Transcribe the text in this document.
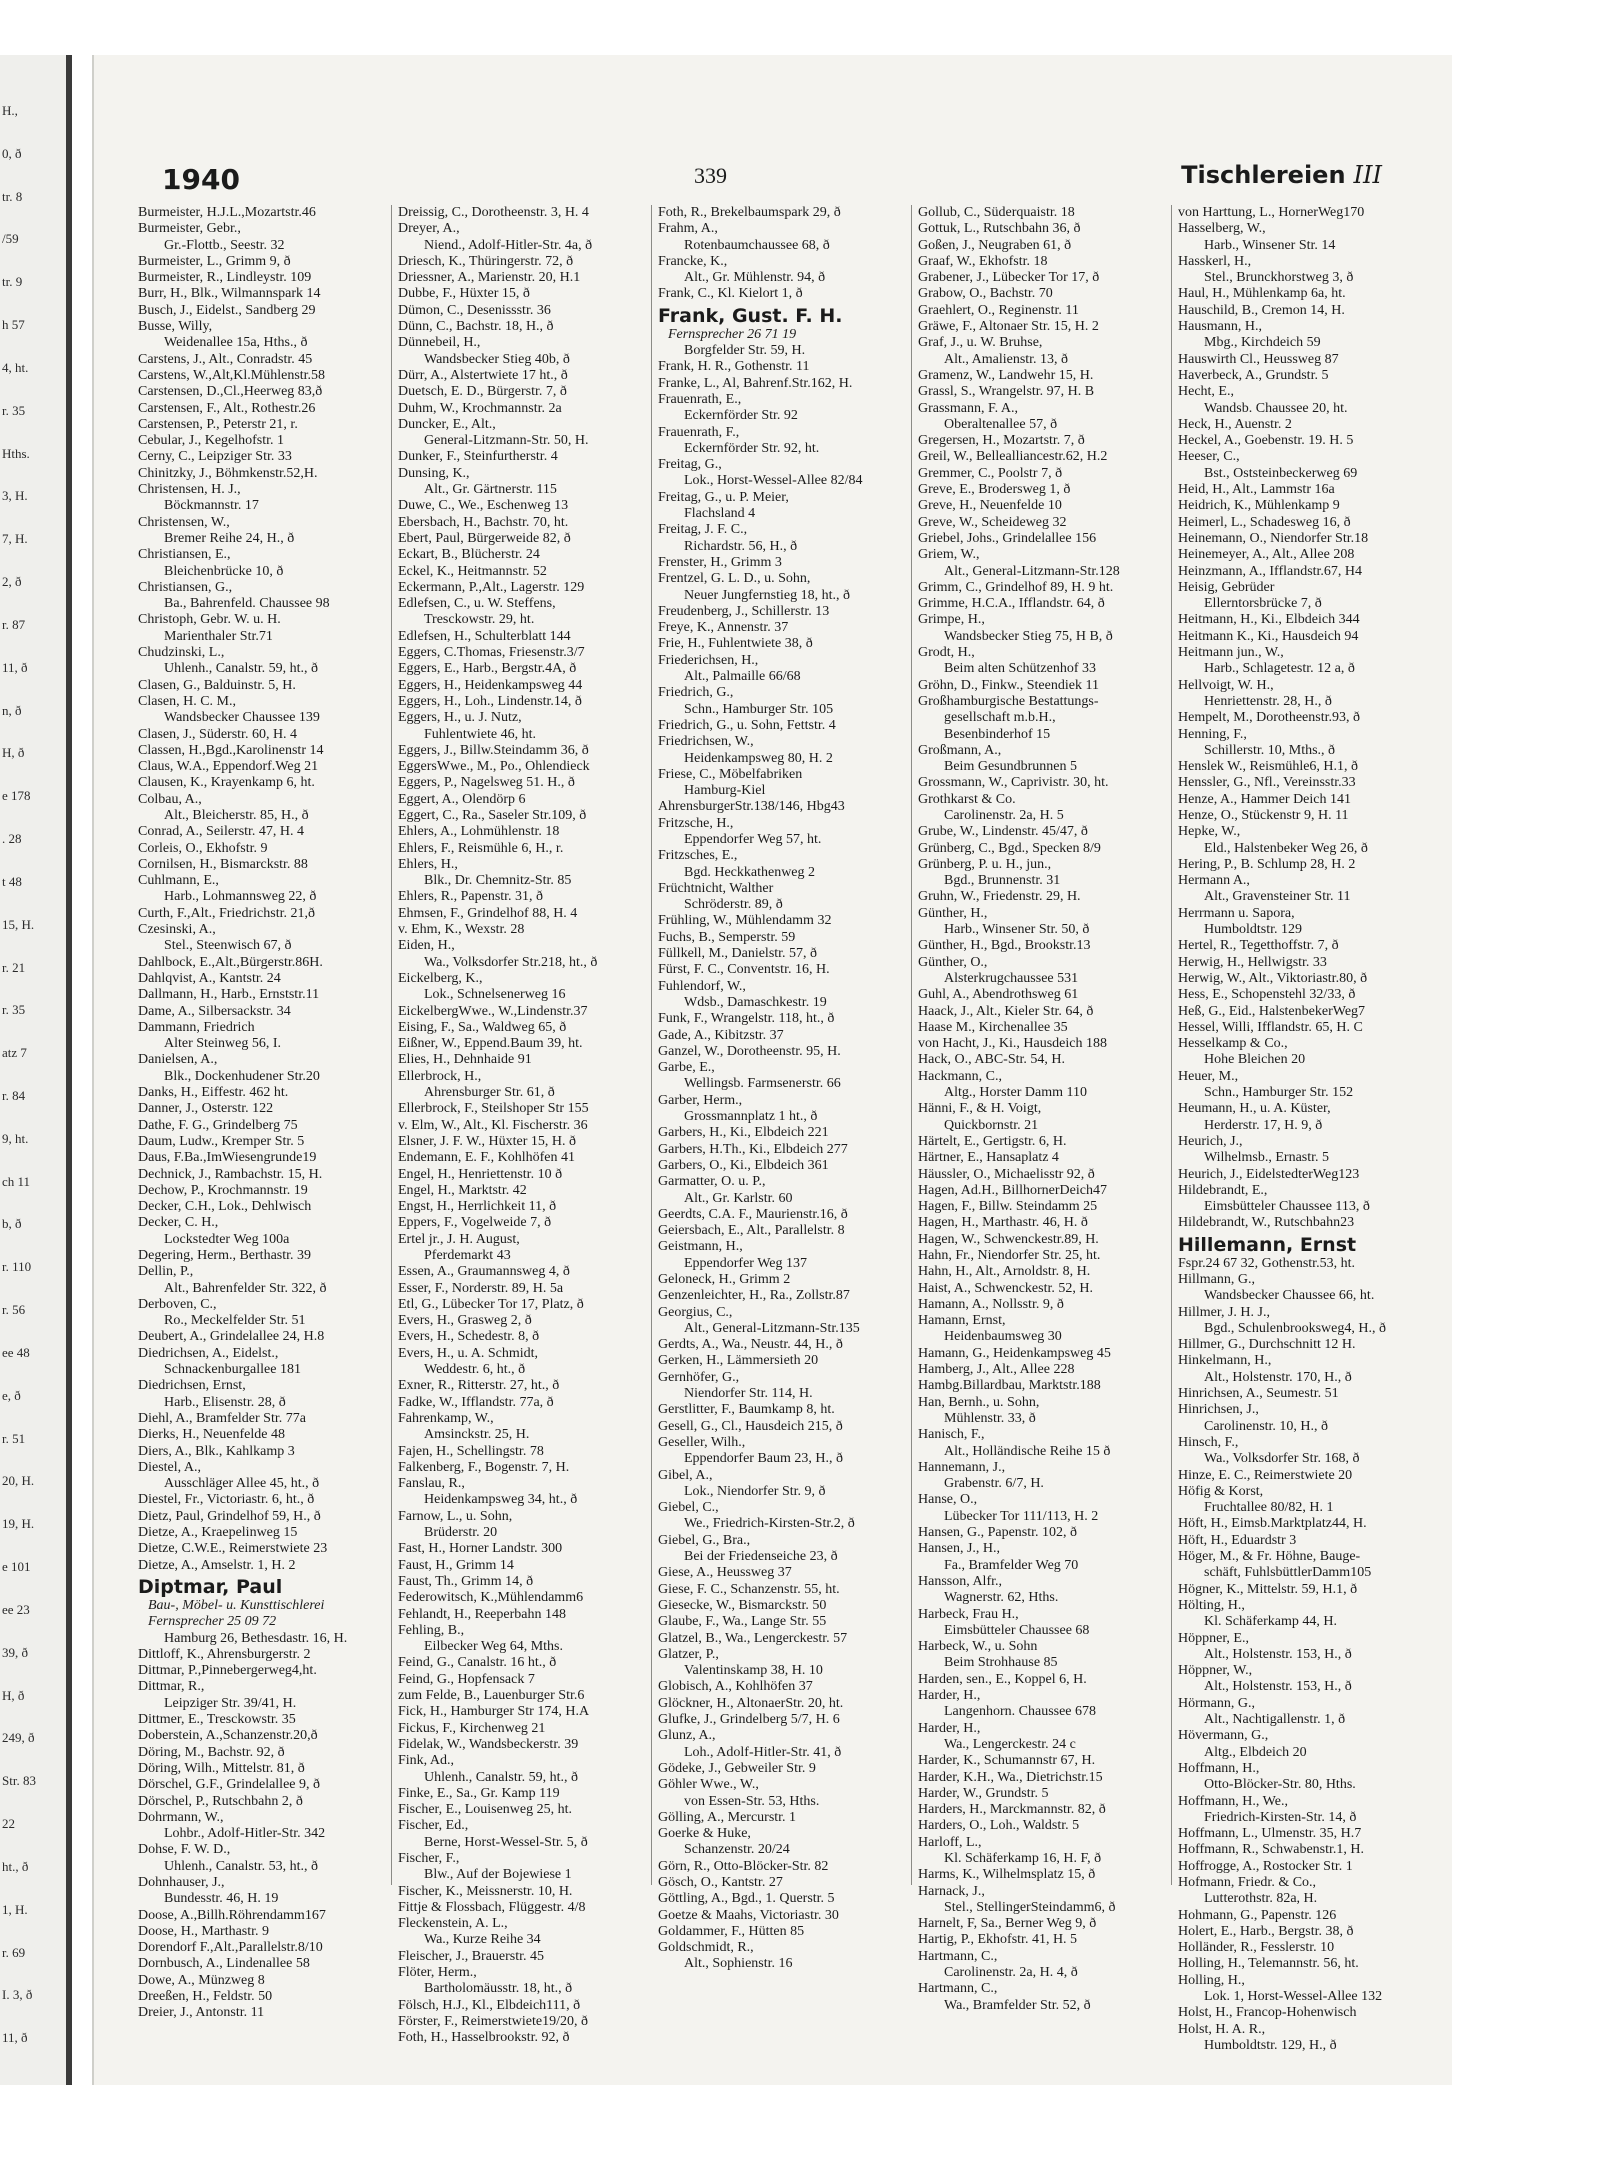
H.,
0, ð
tr. 8
/59
tr. 9
h 57
4, ht.
r. 35
Hths.
3, H.
7, H.
2, ð
r. 87
11, ð
n, ð
H, ð
e 178
. 28
t 48
15, H.
r. 21
r. 35
atz 7
r. 84
9, ht.
ch 11
b, ð
r. 110
r. 56
ee 48
e, ð
r. 51
20, H.
19, H.
e 101
ee 23
39, ð
H, ð
249, ð
Str. 83
22
ht., ð
1, H.
r. 69
I. 3, ð
11, ð
1940	339	Tischlereien III
Burmeister, H.J.L.,Mozartstr.46
Burmeister, Gebr.,
Gr.-Flottb., Seestr. 32
Burmeister, L., Grimm 9, ð
Burmeister, R., Lindleystr. 109
Burr, H., Blk., Wilmannspark 14
Busch, J., Eidelst., Sandberg 29
Busse, Willy,
Weidenallee 15a, Hths., ð
Carstens, J., Alt., Conradstr. 45
Carstens, W.,Alt,Kl.Mühlenstr.58
Carstensen, D.,Cl.,Heerweg 83,ð
Carstensen, F., Alt., Rothestr.26
Carstensen, P., Peterstr 21, r.
Cebular, J., Kegelhofstr. 1
Cerny, C., Leipziger Str. 33
Chinitzky, J., Böhmkenstr.52,H.
Christensen, H. J.,
Böckmannstr. 17
Christensen, W.,
Bremer Reihe 24, H., ð
Christiansen, E.,
Bleichenbrücke 10, ð
Christiansen, G.,
Ba., Bahrenfeld. Chaussee 98
Christoph, Gebr. W. u. H.
Marienthaler Str.71
Chudzinski, L.,
Uhlenh., Canalstr. 59, ht., ð
Clasen, G., Balduinstr. 5, H.
Clasen, H. C. M.,
Wandsbecker Chaussee 139
Clasen, J., Süderstr. 60, H. 4
Classen, H.,Bgd.,Karolinenstr 14
Claus, W.A., Eppendorf.Weg 21
Clausen, K., Krayenkamp 6, ht.
Colbau, A.,
Alt., Bleicherstr. 85, H., ð
Conrad, A., Seilerstr. 47, H. 4
Corleis, O., Ekhofstr. 9
Cornilsen, H., Bismarckstr. 88
Cuhlmann, E.,
Harb., Lohmannsweg 22, ð
Curth, F.,Alt., Friedrichstr. 21,ð
Czesinski, A.,
Stel., Steenwisch 67, ð
Dahlbock, E.,Alt.,Bürgerstr.86H.
Dahlqvist, A., Kantstr. 24
Dallmann, H., Harb., Ernststr.11
Dame, A., Silbersackstr. 34
Dammann, Friedrich
Alter Steinweg 56, I.
Danielsen, A.,
Blk., Dockenhudener Str.20
Danks, H., Eiffestr. 462 ht.
Danner, J., Osterstr. 122
Dathe, F. G., Grindelberg 75
Daum, Ludw., Kremper Str. 5
Daus, F.Ba.,ImWiesengrunde19
Dechnick, J., Rambachstr. 15, H.
Dechow, P., Krochmannstr. 19
Decker, C.H., Lok., Dehlwisch
Decker, C. H.,
Lockstedter Weg 100a
Degering, Herm., Berthastr. 39
Dellin, P.,
Alt., Bahrenfelder Str. 322, ð
Derboven, C.,
Ro., Meckelfelder Str. 51
Deubert, A., Grindelallee 24, H.8
Diedrichsen, A., Eidelst.,
Schnackenburgallee 181
Diedrichsen, Ernst,
Harb., Elisenstr. 28, ð
Diehl, A., Bramfelder Str. 77a
Dierks, H., Neuenfelde 48
Diers, A., Blk., Kahlkamp 3
Diestel, A.,
Ausschläger Allee 45, ht., ð
Diestel, Fr., Victoriastr. 6, ht., ð
Dietz, Paul, Grindelhof 59, H., ð
Dietze, A., Kraepelinweg 15
Dietze, C.W.E., Reimerstwiete 23
Dietze, A., Amselstr. 1, H. 2
Diptmar, Paul
Bau-, Möbel- u. Kunsttischlerei
Fernsprecher 25 09 72
Hamburg 26, Bethesdastr. 16, H.
Dittloff, K., Ahrensburgerstr. 2
Dittmar, P.,Pinnebergerweg4,ht.
Dittmar, R.,
Leipziger Str. 39/41, H.
Dittmer, E., Tresckowstr. 35
Doberstein, A.,Schanzenstr.20,ð
Döring, M., Bachstr. 92, ð
Döring, Wilh., Mittelstr. 81, ð
Dörschel, G.F., Grindelallee 9, ð
Dörschel, P., Rutschbahn 2, ð
Dohrmann, W.,
Lohbr., Adolf-Hitler-Str. 342
Dohse, F. W. D.,
Uhlenh., Canalstr. 53, ht., ð
Dohnhauser, J.,
Bundesstr. 46, H. 19
Doose, A.,Billh.Röhrendamm167
Doose, H., Marthastr. 9
Dorendorf F.,Alt.,Parallelstr.8/10
Dornbusch, A., Lindenallee 58
Dowe, A., Münzweg 8
Dreeßen, H., Feldstr. 50
Dreier, J., Antonstr. 11
Dreissig, C., Dorotheenstr. 3, H. 4
Dreyer, A.,
Niend., Adolf-Hitler-Str. 4a, ð
Driesch, K., Thüringerstr. 72, ð
Driessner, A., Marienstr. 20, H.1
Dubbe, F., Hüxter 15, ð
Dümon, C., Desenissstr. 36
Dünn, C., Bachstr. 18, H., ð
Dünnebeil, H.,
Wandsbecker Stieg 40b, ð
Dürr, A., Alstertwiete 17 ht., ð
Duetsch, E. D., Bürgerstr. 7, ð
Duhm, W., Krochmannstr. 2a
Duncker, E., Alt.,
General-Litzmann-Str. 50, H.
Dunker, F., Steinfurtherstr. 4
Dunsing, K.,
Alt., Gr. Gärtnerstr. 115
Duwe, C., We., Eschenweg 13
Ebersbach, H., Bachstr. 70, ht.
Ebert, Paul, Bürgerweide 82, ð
Eckart, B., Blücherstr. 24
Eckel, K., Heitmannstr. 52
Eckermann, P.,Alt., Lagerstr. 129
Edlefsen, C., u. W. Steffens,
Tresckowstr. 29, ht.
Edlefsen, H., Schulterblatt 144
Eggers, C.Thomas, Friesenstr.3/7
Eggers, E., Harb., Bergstr.4A, ð
Eggers, H., Heidenkampsweg 44
Eggers, H., Loh., Lindenstr.14, ð
Eggers, H., u. J. Nutz,
Fuhlentwiete 46, ht.
Eggers, J., Billw.Steindamm 36, ð
EggersWwe., M., Po., Ohlendieck
Eggers, P., Nagelsweg 51. H., ð
Eggert, A., Olendörp 6
Eggert, C., Ra., Saseler Str.109, ð
Ehlers, A., Lohmühlenstr. 18
Ehlers, F., Reismühle 6, H., r.
Ehlers, H.,
Blk., Dr. Chemnitz-Str. 85
Ehlers, R., Papenstr. 31, ð
Ehmsen, F., Grindelhof 88, H. 4
v. Ehm, K., Wexstr. 28
Eiden, H.,
Wa., Volksdorfer Str.218, ht., ð
Eickelberg, K.,
Lok., Schnelsenerweg 16
EickelbergWwe., W.,Lindenstr.37
Eising, F., Sa., Waldweg 65, ð
Eißner, W., Eppend.Baum 39, ht.
Elies, H., Dehnhaide 91
Ellerbrock, H.,
Ahrensburger Str. 61, ð
Ellerbrock, F., Steilshoper Str 155
v. Elm, W., Alt., Kl. Fischerstr. 36
Elsner, J. F. W., Hüxter 15, H. ð
Endemann, E. F., Kohlhöfen 41
Engel, H., Henriettenstr. 10 ð
Engel, H., Marktstr. 42
Engst, H., Herrlichkeit 11, ð
Eppers, F., Vogelweide 7, ð
Ertel jr., J. H. August,
Pferdemarkt 43
Essen, A., Graumannsweg 4, ð
Esser, F., Norderstr. 89, H. 5a
Etl, G., Lübecker Tor 17, Platz, ð
Evers, H., Grasweg 2, ð
Evers, H., Schedestr. 8, ð
Evers, H., u. A. Schmidt,
Weddestr. 6, ht., ð
Exner, R., Ritterstr. 27, ht., ð
Fadke, W., Ifflandstr. 77a, ð
Fahrenkamp, W.,
Amsinckstr. 25, H.
Fajen, H., Schellingstr. 78
Falkenberg, F., Bogenstr. 7, H.
Fanslau, R.,
Heidenkampsweg 34, ht., ð
Farnow, L., u. Sohn,
Brüderstr. 20
Fast, H., Horner Landstr. 300
Faust, H., Grimm 14
Faust, Th., Grimm 14, ð
Federowitsch, K.,Mühlendamm6
Fehlandt, H., Reeperbahn 148
Fehling, B.,
Eilbecker Weg 64, Mths.
Feind, G., Canalstr. 16 ht., ð
Feind, G., Hopfensack 7
zum Felde, B., Lauenburger Str.6
Fick, H., Hamburger Str 174, H.A
Fickus, F., Kirchenweg 21
Fidelak, W., Wandsbeckerstr. 39
Fink, Ad.,
Uhlenh., Canalstr. 59, ht., ð
Finke, E., Sa., Gr. Kamp 119
Fischer, E., Louisenweg 25, ht.
Fischer, Ed.,
Berne, Horst-Wessel-Str. 5, ð
Fischer, F.,
Blw., Auf der Bojewiese 1
Fischer, K., Meissnerstr. 10, H.
Fittje & Flossbach, Flüggestr. 4/8
Fleckenstein, A. L.,
Wa., Kurze Reihe 34
Fleischer, J., Brauerstr. 45
Flöter, Herm.,
Bartholomäusstr. 18, ht., ð
Fölsch, H.J., Kl., Elbdeich111, ð
Förster, F., Reimerstwiete19/20, ð
Foth, H., Hasselbrookstr. 92, ð
Foth, R., Brekelbaumspark 29, ð
Frahm, A.,
Rotenbaumchaussee 68, ð
Francke, K.,
Alt., Gr. Mühlenstr. 94, ð
Frank, C., Kl. Kielort 1, ð
Frank, Gust. F. H.
Fernsprecher 26 71 19
Borgfelder Str. 59, H.
Frank, H. R., Gothenstr. 11
Franke, L., Al, Bahrenf.Str.162, H.
Frauenrath, E.,
Eckernförder Str. 92
Frauenrath, F.,
Eckernförder Str. 92, ht.
Freitag, G.,
Lok., Horst-Wessel-Allee 82/84
Freitag, G., u. P. Meier,
Flachsland 4
Freitag, J. F. C.,
Richardstr. 56, H., ð
Frenster, H., Grimm 3
Frentzel, G. L. D., u. Sohn,
Neuer Jungfernstieg 18, ht., ð
Freudenberg, J., Schillerstr. 13
Freye, K., Annenstr. 37
Frie, H., Fuhlentwiete 38, ð
Friederichsen, H.,
Alt., Palmaille 66/68
Friedrich, G.,
Schn., Hamburger Str. 105
Friedrich, G., u. Sohn, Fettstr. 4
Friedrichsen, W.,
Heidenkampsweg 80, H. 2
Friese, C., Möbelfabriken
Hamburg-Kiel
AhrensburgerStr.138/146, Hbg43
Fritzsche, H.,
Eppendorfer Weg 57, ht.
Fritzsches, E.,
Bgd. Heckkathenweg 2
Früchtnicht, Walther
Schröderstr. 89, ð
Frühling, W., Mühlendamm 32
Fuchs, B., Semperstr. 59
Füllkell, M., Danielstr. 57, ð
Fürst, F. C., Conventstr. 16, H.
Fuhlendorf, W.,
Wdsb., Damaschkestr. 19
Funk, F., Wrangelstr. 118, ht., ð
Gade, A., Kibitzstr. 37
Ganzel, W., Dorotheenstr. 95, H.
Garbe, E.,
Wellingsb. Farmsenerstr. 66
Garber, Herm.,
Grossmannplatz 1 ht., ð
Garbers, H., Ki., Elbdeich 221
Garbers, H.Th., Ki., Elbdeich 277
Garbers, O., Ki., Elbdeich 361
Garmatter, O. u. P.,
Alt., Gr. Karlstr. 60
Geerdts, C.A. F., Maurienstr.16, ð
Geiersbach, E., Alt., Parallelstr. 8
Geistmann, H.,
Eppendorfer Weg 137
Geloneck, H., Grimm 2
Genzenleichter, H., Ra., Zollstr.87
Georgius, C.,
Alt., General-Litzmann-Str.135
Gerdts, A., Wa., Neustr. 44, H., ð
Gerken, H., Lämmersieth 20
Gernhöfer, G.,
Niendorfer Str. 114, H.
Gerstlitter, F., Baumkamp 8, ht.
Gesell, G., Cl., Hausdeich 215, ð
Geseller, Wilh.,
Eppendorfer Baum 23, H., ð
Gibel, A.,
Lok., Niendorfer Str. 9, ð
Giebel, C.,
We., Friedrich-Kirsten-Str.2, ð
Giebel, G., Bra.,
Bei der Friedenseiche 23, ð
Giese, A., Heussweg 37
Giese, F. C., Schanzenstr. 55, ht.
Giesecke, W., Bismarckstr. 50
Glaube, F., Wa., Lange Str. 55
Glatzel, B., Wa., Lengerckestr. 57
Glatzer, P.,
Valentinskamp 38, H. 10
Globisch, A., Kohlhöfen 37
Glöckner, H., AltonaerStr. 20, ht.
Glufke, J., Grindelberg 5/7, H. 6
Glunz, A.,
Loh., Adolf-Hitler-Str. 41, ð
Gödeke, J., Gebweiler Str. 9
Göhler Wwe., W.,
von Essen-Str. 53, Hths.
Gölling, A., Mercurstr. 1
Goerke & Huke,
Schanzenstr. 20/24
Görn, R., Otto-Blöcker-Str. 82
Gösch, O., Kantstr. 27
Göttling, A., Bgd., 1. Querstr. 5
Goetze & Maahs, Victoriastr. 30
Goldammer, F., Hütten 85
Goldschmidt, R.,
Alt., Sophienstr. 16
Gollub, C., Süderquaistr. 18
Gottuk, L., Rutschbahn 36, ð
Goßen, J., Neugraben 61, ð
Graaf, W., Ekhofstr. 18
Grabener, J., Lübecker Tor 17, ð
Grabow, O., Bachstr. 70
Graehlert, O., Reginenstr. 11
Gräwe, F., Altonaer Str. 15, H. 2
Graf, J., u. W. Bruhse,
Alt., Amalienstr. 13, ð
Gramenz, W., Landwehr 15, H.
Grassl, S., Wrangelstr. 97, H. B
Grassmann, F. A.,
Oberaltenallee 57, ð
Gregersen, H., Mozartstr. 7, ð
Greil, W., Bellealliancestr.62, H.2
Gremmer, C., Poolstr 7, ð
Greve, E., Brodersweg 1, ð
Greve, H., Neuenfelde 10
Greve, W., Scheideweg 32
Griebel, Johs., Grindelallee 156
Griem, W.,
Alt., General-Litzmann-Str.128
Grimm, C., Grindelhof 89, H. 9 ht.
Grimme, H.C.A., Ifflandstr. 64, ð
Grimpe, H.,
Wandsbecker Stieg 75, H B, ð
Grodt, H.,
Beim alten Schützenhof 33
Gröhn, D., Finkw., Steendiek 11
Großhamburgische Bestattungs-
gesellschaft m.b.H.,
Besenbinderhof 15
Großmann, A.,
Beim Gesundbrunnen 5
Grossmann, W., Caprivistr. 30, ht.
Grothkarst & Co.
Carolinenstr. 2a, H. 5
Grube, W., Lindenstr. 45/47, ð
Grünberg, C., Bgd., Specken 8/9
Grünberg, P. u. H., jun.,
Bgd., Brunnenstr. 31
Gruhn, W., Friedenstr. 29, H.
Günther, H.,
Harb., Winsener Str. 50, ð
Günther, H., Bgd., Brookstr.13
Günther, O.,
Alsterkrugchaussee 531
Guhl, A., Abendrothsweg 61
Haack, J., Alt., Kieler Str. 64, ð
Haase M., Kirchenallee 35
von Hacht, J., Ki., Hausdeich 188
Hack, O., ABC-Str. 54, H.
Hackmann, C.,
Altg., Horster Damm 110
Hänni, F., & H. Voigt,
Quickbornstr. 21
Härtelt, E., Gertigstr. 6, H.
Härtner, E., Hansaplatz 4
Häussler, O., Michaelisstr 92, ð
Hagen, Ad.H., BillhornerDeich47
Hagen, F., Billw. Steindamm 25
Hagen, H., Marthastr. 46, H. ð
Hagen, W., Schwenckestr.89, H.
Hahn, Fr., Niendorfer Str. 25, ht.
Hahn, H., Alt., Arnoldstr. 8, H.
Haist, A., Schwenckestr. 52, H.
Hamann, A., Nollsstr. 9, ð
Hamann, Ernst,
Heidenbaumsweg 30
Hamann, G., Heidenkampsweg 45
Hamberg, J., Alt., Allee 228
Hambg.Billardbau, Marktstr.188
Han, Bernh., u. Sohn,
Mühlenstr. 33, ð
Hanisch, F.,
Alt., Holländische Reihe 15 ð
Hannemann, J.,
Grabenstr. 6/7, H.
Hanse, O.,
Lübecker Tor 111/113, H. 2
Hansen, G., Papenstr. 102, ð
Hansen, J., H.,
Fa., Bramfelder Weg 70
Hansson, Alfr.,
Wagnerstr. 62, Hths.
Harbeck, Frau H.,
Eimsbütteler Chaussee 68
Harbeck, W., u. Sohn
Beim Strohhause 85
Harden, sen., E., Koppel 6, H.
Harder, H.,
Langenhorn. Chaussee 678
Harder, H.,
Wa., Lengerckestr. 24 c
Harder, K., Schumannstr 67, H.
Harder, K.H., Wa., Dietrichstr.15
Harder, W., Grundstr. 5
Harders, H., Marckmannstr. 82, ð
Harders, O., Loh., Waldstr. 5
Harloff, L.,
Kl. Schäferkamp 16, H. F, ð
Harms, K., Wilhelmsplatz 15, ð
Harnack, J.,
Stel., StellingerSteindamm6, ð
Harnelt, F, Sa., Berner Weg 9, ð
Hartig, P., Ekhofstr. 41, H. 5
Hartmann, C.,
Carolinenstr. 2a, H. 4, ð
Hartmann, C.,
Wa., Bramfelder Str. 52, ð
von Harttung, L., HornerWeg170
Hasselberg, W.,
Harb., Winsener Str. 14
Hasskerl, H.,
Stel., Brunckhorstweg 3, ð
Haul, H., Mühlenkamp 6a, ht.
Hauschild, B., Cremon 14, H.
Hausmann, H.,
Mbg., Kirchdeich 59
Hauswirth Cl., Heussweg 87
Haverbeck, A., Grundstr. 5
Hecht, E.,
Wandsb. Chaussee 20, ht.
Heck, H., Auenstr. 2
Heckel, A., Goebenstr. 19. H. 5
Heeser, C.,
Bst., Oststeinbeckerweg 69
Heid, H., Alt., Lammstr 16a
Heidrich, K., Mühlenkamp 9
Heimerl, L., Schadesweg 16, ð
Heinemann, O., Niendorfer Str.18
Heinemeyer, A., Alt., Allee 208
Heinzmann, A., Ifflandstr.67, H4
Heisig, Gebrüder
Ellerntorsbrücke 7, ð
Heitmann, H., Ki., Elbdeich 344
Heitmann K., Ki., Hausdeich 94
Heitmann jun., W.,
Harb., Schlagetestr. 12 a, ð
Hellvoigt, W. H.,
Henriettenstr. 28, H., ð
Hempelt, M., Dorotheenstr.93, ð
Henning, F.,
Schillerstr. 10, Mths., ð
Henslek W., Reismühle6, H.1, ð
Henssler, G., Nfl., Vereinsstr.33
Henze, A., Hammer Deich 141
Henze, O., Stückenstr 9, H. 11
Hepke, W.,
Eld., Halstenbeker Weg 26, ð
Hering, P., B. Schlump 28, H. 2
Hermann A.,
Alt., Gravensteiner Str. 11
Herrmann u. Sapora,
Humboldtstr. 129
Hertel, R., Tegetthoffstr. 7, ð
Herwig, H., Hellwigstr. 33
Herwig, W., Alt., Viktoriastr.80, ð
Hess, E., Schopenstehl 32/33, ð
Heß, G., Eid., HalstenbekerWeg7
Hessel, Willi, Ifflandstr. 65, H. C
Hesselkamp & Co.,
Hohe Bleichen 20
Heuer, M.,
Schn., Hamburger Str. 152
Heumann, H., u. A. Küster,
Herderstr. 17, H. 9, ð
Heurich, J.,
Wilhelmsb., Ernastr. 5
Heurich, J., EidelstedterWeg123
Hildebrandt, E.,
Eimsbütteler Chaussee 113, ð
Hildebrandt, W., Rutschbahn23
Hillemann, Ernst
Fspr.24 67 32, Gothenstr.53, ht.
Hillmann, G.,
Wandsbecker Chaussee 66, ht.
Hillmer, J. H. J.,
Bgd., Schulenbrooksweg4, H., ð
Hillmer, G., Durchschnitt 12 H.
Hinkelmann, H.,
Alt., Holstenstr. 170, H., ð
Hinrichsen, A., Seumestr. 51
Hinrichsen, J.,
Carolinenstr. 10, H., ð
Hinsch, F.,
Wa., Volksdorfer Str. 168, ð
Hinze, E. C., Reimerstwiete 20
Höfig & Korst,
Fruchtallee 80/82, H. 1
Höft, H., Eimsb.Marktplatz44, H.
Höft, H., Eduardstr 3
Höger, M., & Fr. Höhne, Bauge-
schäft, FuhlsbüttlerDamm105
Högner, K., Mittelstr. 59, H.1, ð
Hölting, H.,
Kl. Schäferkamp 44, H.
Höppner, E.,
Alt., Holstenstr. 153, H., ð
Höppner, W.,
Alt., Holstenstr. 153, H., ð
Hörmann, G.,
Alt., Nachtigallenstr. 1, ð
Hövermann, G.,
Altg., Elbdeich 20
Hoffmann, H.,
Otto-Blöcker-Str. 80, Hths.
Hoffmann, H., We.,
Friedrich-Kirsten-Str. 14, ð
Hoffmann, L., Ulmenstr. 35, H.7
Hoffmann, R., Schwabenstr.1, H.
Hoffrogge, A., Rostocker Str. 1
Hofmann, Friedr. & Co.,
Lutterothstr. 82a, H.
Hohmann, G., Papenstr. 126
Holert, E., Harb., Bergstr. 38, ð
Holländer, R., Fesslerstr. 10
Holling, H., Telemannstr. 56, ht.
Holling, H.,
Lok. 1, Horst-Wessel-Allee 132
Holst, H., Francop-Hohenwisch
Holst, H. A. R.,
Humboldtstr. 129, H., ð
